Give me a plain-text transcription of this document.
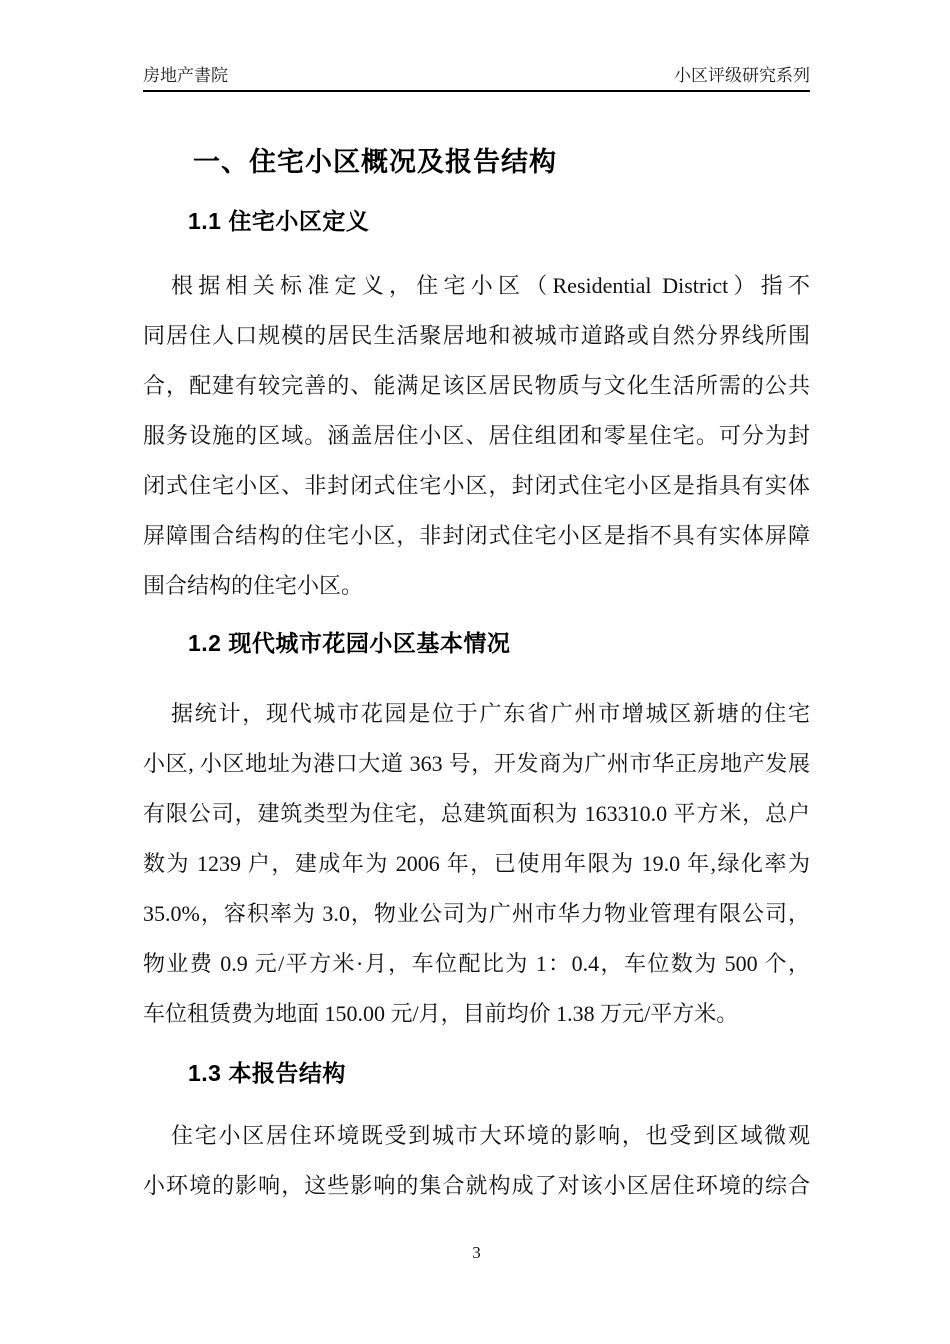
房地产書院	小区评级研究系列
一、住宅小区概况及报告结构
1.1 住宅小区定义
根据相关标准定义，住宅小区（Residential District）指不
同居住人口规模的居民生活聚居地和被城市道路或自然分界线所围
合，配建有较完善的、能满足该区居民物质与文化生活所需的公共
服务设施的区域。涵盖居住小区、居住组团和零星住宅。可分为封
闭式住宅小区、非封闭式住宅小区，封闭式住宅小区是指具有实体
屏障围合结构的住宅小区，非封闭式住宅小区是指不具有实体屏障
围合结构的住宅小区。
1.2 现代城市花园小区基本情况
据统计，现代城市花园是位于广东省广州市增城区新塘的住宅
小区, 小区地址为港口大道 363 号，开发商为广州市华正房地产发展
有限公司，建筑类型为住宅，总建筑面积为 163310.0 平方米，总户
数为 1239 户，建成年为 2006 年，已使用年限为 19.0 年,绿化率为
35.0%，容积率为 3.0，物业公司为广州市华力物业管理有限公司，
物业费 0.9 元/平方米·月，车位配比为 1：0.4，车位数为 500 个，
车位租赁费为地面 150.00 元/月，目前均价 1.38 万元/平方米。
1.3 本报告结构
住宅小区居住环境既受到城市大环境的影响，也受到区域微观
小环境的影响，这些影响的集合就构成了对该小区居住环境的综合
3
